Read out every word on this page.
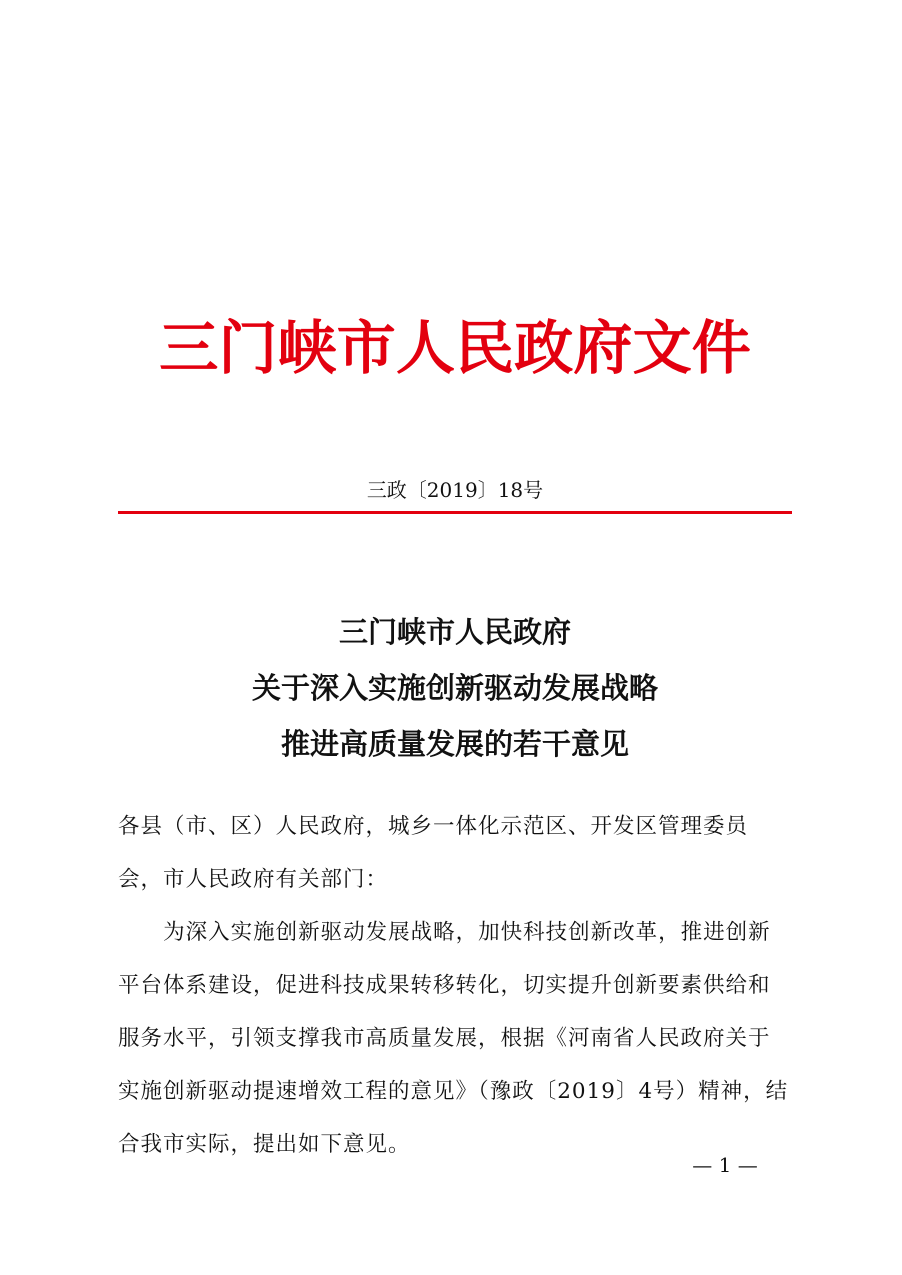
三门峡市人民政府文件
三政〔2019〕18号
三门峡市人民政府
关于深入实施创新驱动发展战略
推进高质量发展的若干意见

各县（市、区）人民政府，城乡一体化示范区、开发区管理委员会，市人民政府有关部门：

为深入实施创新驱动发展战略，加快科技创新改革，推进创新平台体系建设，促进科技成果转移转化，切实提升创新要素供给和服务水平，引领支撑我市高质量发展，根据《河南省人民政府关于实施创新驱动提速增效工程的意见》（豫政〔2019〕4号）精神，结合我市实际，提出如下意见。

— 1 —
